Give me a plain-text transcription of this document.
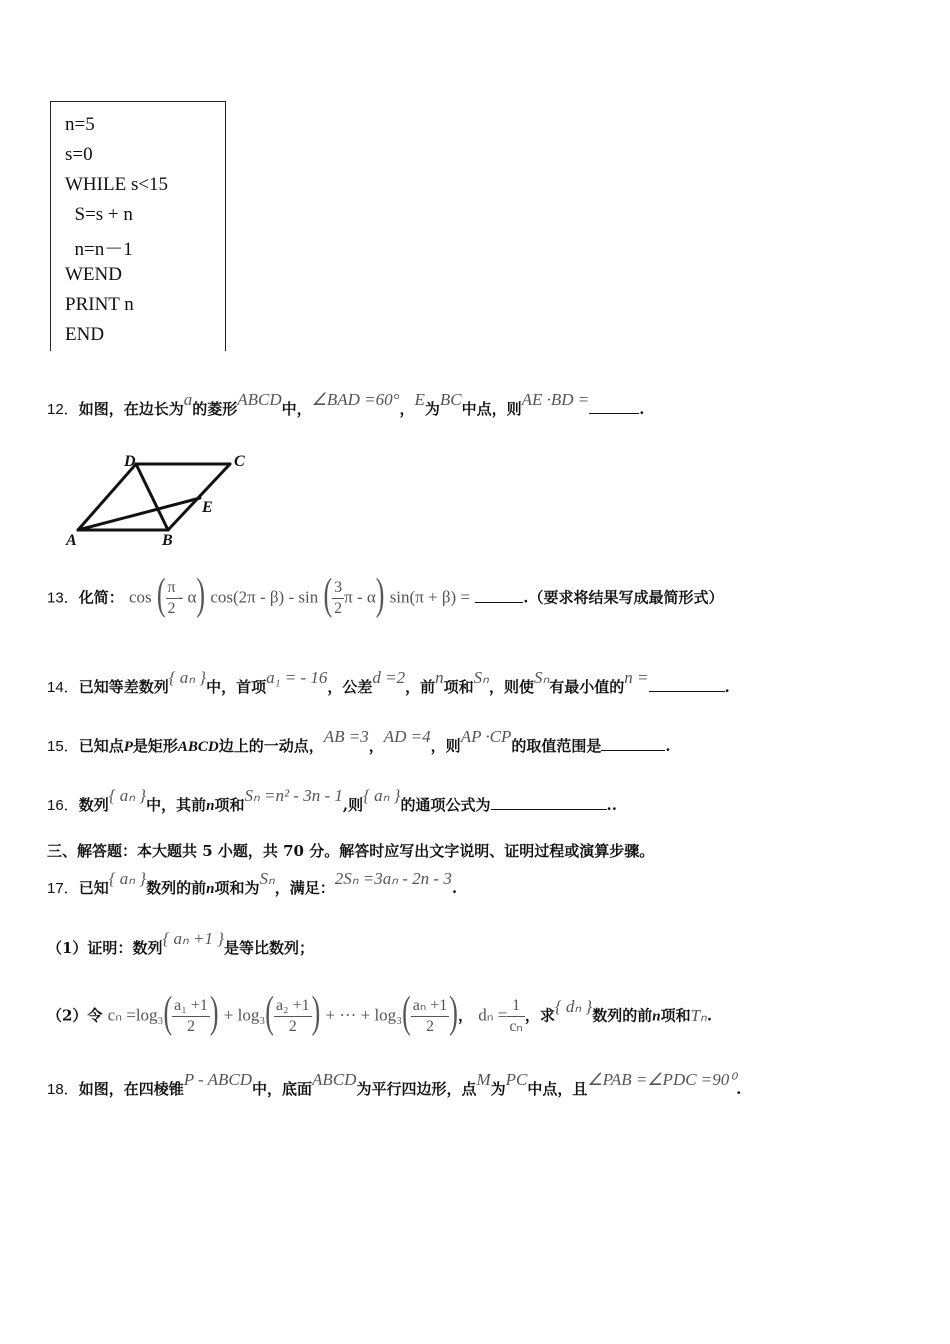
n=5
s=0
WHILE s<15
S=s + n
n=n－1
WEND
PRINT n
END
12．如图，在边长为a的菱形ABCD中，∠BAD =60°，E为BC中点，则AE ·BD =	.
D	C
E
A	B
13．化简： cos ( $\frac{\pi}{2} - \alpha$) cos(2π - β) - sin ( $\frac{3}{2}$ π - α) sin(π + β) =	.（要求将结果写成最简形式）
14．已知等差数列{ aₙ }中，首项a₁ = - 16，公差d =2，前n项和Sₙ，则使Sₙ有最小值的n =	.
15．已知点P是矩形ABCD边上的一动点，AB =3，AD =4，则AP ·CP的取值范围是	.
16．数列{ aₙ }中，其前n项和Sₙ =n² - 3n - 1,则{ aₙ }的通项公式为	..
三、解答题：本大题共 5 小题，共 70 分。解答时应写出文字说明、证明过程或演算步骤。
17．已知{ aₙ }数列的前n项和为Sₙ，满足：2Sₙ =3aₙ - 2n - 3.
（1）证明：数列{ aₙ +1 }是等比数列；
（2）令 $c_n =\log_3( \frac{\text{a₁ +1}}{2}$ ) + $\log_3( \frac{\text{a₂ +1}}{2}$ ) + ··· + $\log_3( \frac{\text{aₙ +1}}{2}$ )， $d_n = \frac{1}{\text{cₙ}}$ ，求{ dₙ }数列的前n项和Tₙ.
18．如图，在四棱锥P - ABCD中，底面ABCD为平行四边形，点M为PC中点，且∠PAB =∠PDC =90⁰.
